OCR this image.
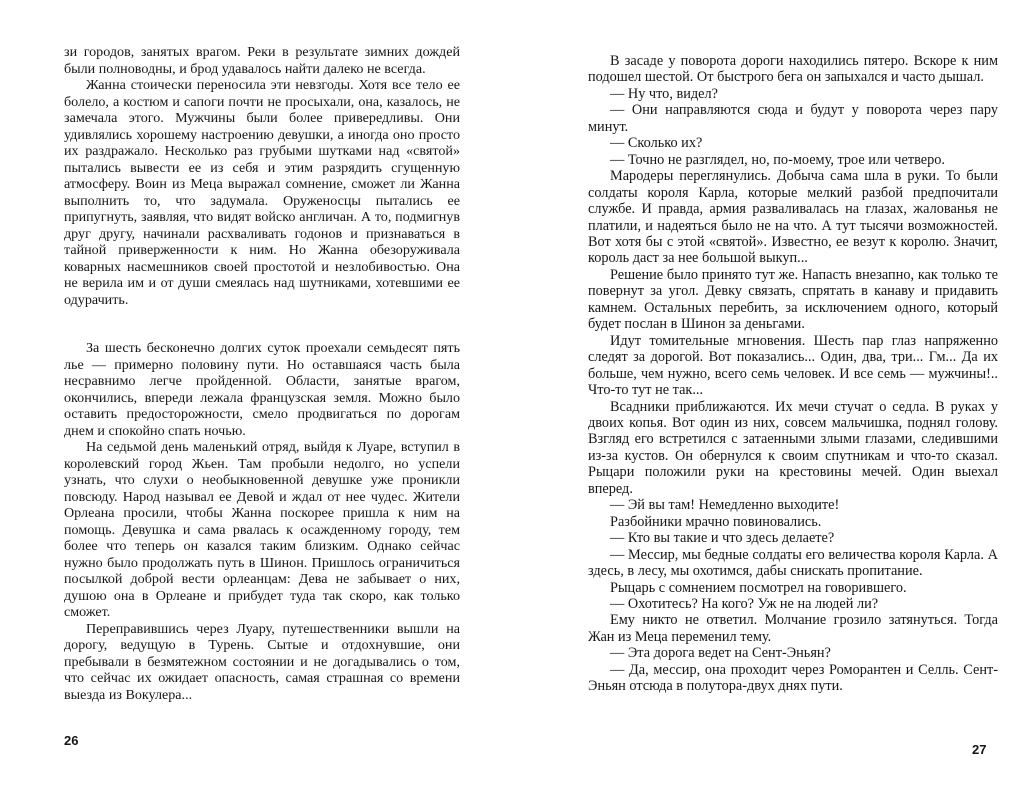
зи городов, занятых врагом. Реки в результате зимних дождей были полноводны, и брод удавалось найти далеко не всегда.

Жанна стоически переносила эти невзгоды. Хотя все тело ее болело, а костюм и сапоги почти не просыхали, она, казалось, не замечала этого. Мужчины были более привередливы. Они удивлялись хорошему настроению девушки, а иногда оно просто их раздражало. Несколько раз грубыми шутками над «святой» пытались вывести ее из себя и этим разрядить сгущенную атмосферу. Воин из Меца выражал сомнение, сможет ли Жанна выполнить то, что задумала. Оруженосцы пытались ее припугнуть, заявляя, что видят войско англичан. А то, подмигнув друг другу, начинали расхваливать годонов и признаваться в тайной приверженности к ним. Но Жанна обезоруживала коварных насмешников своей простотой и незлобивостью. Она не верила им и от души смеялась над шутниками, хотевшими ее одурачить.

За шесть бесконечно долгих суток проехали семьдесят пять лье — примерно половину пути. Но оставшаяся часть была несравнимо легче пройденной. Области, занятые врагом, окончились, впереди лежала французская земля. Можно было оставить предосторожности, смело продвигаться по дорогам днем и спокойно спать ночью.

На седьмой день маленький отряд, выйдя к Луаре, вступил в королевский город Жьен. Там пробыли недолго, но успели узнать, что слухи о необыкновенной девушке уже проникли повсюду. Народ называл ее Девой и ждал от нее чудес. Жители Орлеана просили, чтобы Жанна поскорее пришла к ним на помощь. Девушка и сама рвалась к осажденному городу, тем более что теперь он казался таким близким. Однако сейчас нужно было продолжать путь в Шинон. Пришлось ограничиться посылкой доброй вести орлеанцам: Дева не забывает о них, душою она в Орлеане и прибудет туда так скоро, как только сможет.

Переправившись через Луару, путешественники вышли на дорогу, ведущую в Турень. Сытые и отдохнувшие, они пребывали в безмятежном состоянии и не догадывались о том, что сейчас их ожидает опасность, самая страшная со времени выезда из Вокулера...

26

В засаде у поворота дороги находились пятеро. Вскоре к ним подошел шестой. От быстрого бега он запыхался и часто дышал.

— Ну что, видел?

— Они направляются сюда и будут у поворота через пару минут.

— Сколько их?

— Точно не разглядел, но, по-моему, трое или четверо.

Мародеры переглянулись. Добыча сама шла в руки. То были солдаты короля Карла, которые мелкий разбой предпочитали службе. И правда, армия разваливалась на глазах, жалованья не платили, и надеяться было не на что. А тут тысячи возможностей. Вот хотя бы с этой «святой». Известно, ее везут к королю. Значит, король даст за нее большой выкуп...

Решение было принято тут же. Напасть внезапно, как только те повернут за угол. Девку связать, спрятать в канаву и придавить камнем. Остальных перебить, за исключением одного, который будет послан в Шинон за деньгами.

Идут томительные мгновения. Шесть пар глаз напряженно следят за дорогой. Вот показались... Один, два, три... Гм... Да их больше, чем нужно, всего семь человек. И все семь — мужчины!.. Что-то тут не так...

Всадники приближаются. Их мечи стучат о седла. В руках у двоих копья. Вот один из них, совсем мальчишка, поднял голову. Взгляд его встретился с затаенными злыми глазами, следившими из-за кустов. Он обернулся к своим спутникам и что-то сказал. Рыцари положили руки на крестовины мечей. Один выехал вперед.

— Эй вы там! Немедленно выходите!

Разбойники мрачно повиновались.

— Кто вы такие и что здесь делаете?

— Мессир, мы бедные солдаты его величества короля Карла. А здесь, в лесу, мы охотимся, дабы снискать пропитание.

Рыцарь с сомнением посмотрел на говорившего.

— Охотитесь? На кого? Уж не на людей ли?

Ему никто не ответил. Молчание грозило затянуться. Тогда Жан из Меца переменил тему.

— Эта дорога ведет на Сент-Эньян?

— Да, мессир, она проходит через Роморантен и Селль. Сент-Эньян отсюда в полутора-двух днях пути.

27
